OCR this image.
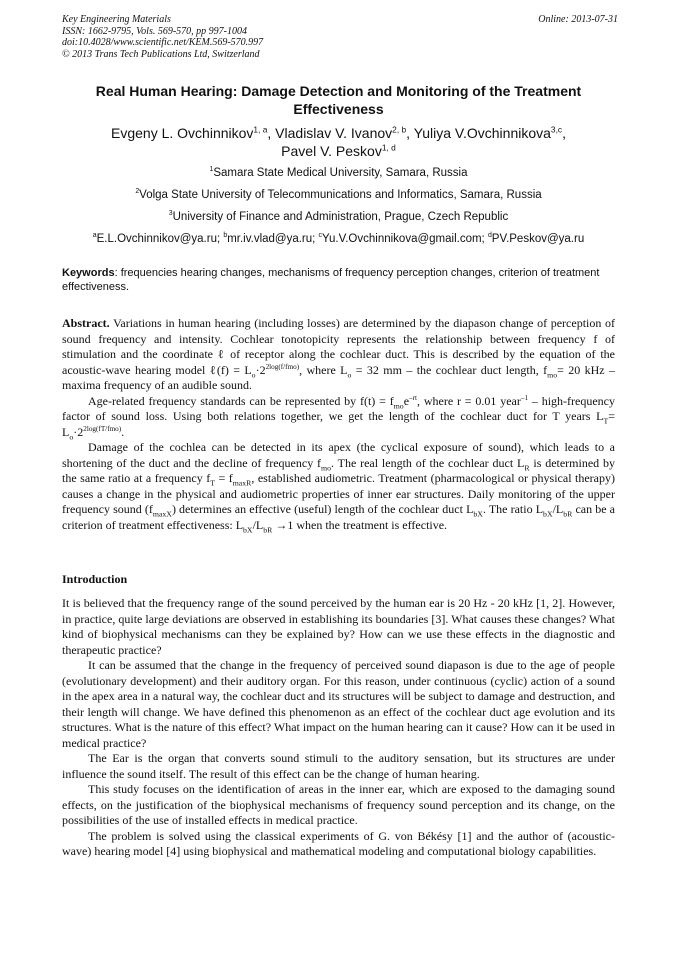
Key Engineering Materials
ISSN: 1662-9795, Vols. 569-570, pp 997-1004
doi:10.4028/www.scientific.net/KEM.569-570.997
© 2013 Trans Tech Publications Ltd, Switzerland
Online: 2013-07-31
Real Human Hearing: Damage Detection and Monitoring of the Treatment Effectiveness
Evgeny L. Ovchinnikov$^{1, a}$, Vladislav V. Ivanov$^{2, b}$, Yuliya V.Ovchinnikova$^{3,c}$,
Pavel V. Peskov$^{1, d}$
$^1$Samara State Medical University, Samara, Russia
$^2$Volga State University of Telecommunications and Informatics, Samara, Russia
$^3$University of Finance and Administration, Prague, Czech Republic
$^a$E.L.Ovchinnikov@ya.ru; $^b$mr.iv.vlad@ya.ru; $^c$Yu.V.Ovchinnikova@gmail.com; $^d$PV.Peskov@ya.ru
Keywords: frequencies hearing changes, mechanisms of frequency perception changes, criterion of treatment effectiveness.

Abstract. Variations in human hearing (including losses) are determined by the diapason change of perception of sound frequency and intensity. Cochlear tonotopicity represents the relationship between frequency f of stimulation and the coordinate ℓ of receptor along the cochlear duct. This is described by the equation of the acoustic-wave hearing model ℓ(f) = $L_o\cdot 2^{2log(f/fmo)}$, where $L_o = 32$ mm – the cochlear duct length, $f_{mo}= 20$ kHz – maxima frequency of an audible sound.

Age-related frequency standards can be represented by $f(t) = f_{mo}e^{-rt}$, where r = 0.01 year$^{-1}$ – high-frequency factor of sound loss. Using both relations together, we get the length of the cochlear duct for T years $L_T= L_o\cdot 2^{2log(fT/fmo)}$.

Damage of the cochlea can be detected in its apex (the cyclical exposure of sound), which leads to a shortening of the duct and the decline of frequency $f_{mo}$. The real length of the cochlear duct $L_R$ is determined by the same ratio at a frequency $f_T = f_{maxR}$, established audiometric. Treatment (pharmacological or physical therapy) causes a change in the physical and audiometric properties of inner ear structures. Daily monitoring of the upper frequency sound $(f_{maxX})$ determines an effective (useful) length of the cochlear duct $L_{bX}$. The ratio $L_{bX}/L_{bR}$ can be a criterion of treatment effectiveness: $L_{bX}/L_{bR} \to 1$ when the treatment is effective.

Introduction

It is believed that the frequency range of the sound perceived by the human ear is 20 Hz - 20 kHz [1, 2]. However, in practice, quite large deviations are observed in establishing its boundaries [3]. What causes these changes? What kind of biophysical mechanisms can they be explained by? How can we use these effects in the diagnostic and therapeutic practice?

It can be assumed that the change in the frequency of perceived sound diapason is due to the age of people (evolutionary development) and their auditory organ. For this reason, under continuous (cyclic) action of a sound in the apex area in a natural way, the cochlear duct and its structures will be subject to damage and destruction, and their length will change. We have defined this phenomenon as an effect of the cochlear duct age evolution and its structures. What is the nature of this effect? What impact on the human hearing can it cause? How can it be used in medical practice?

The Ear is the organ that converts sound stimuli to the auditory sensation, but its structures are under influence the sound itself. The result of this effect can be the change of human hearing.

This study focuses on the identification of areas in the inner ear, which are exposed to the damaging sound effects, on the justification of the biophysical mechanisms of frequency sound perception and its change, on the possibilities of the use of installed effects in medical practice.

The problem is solved using the classical experiments of G. von Békésy [1] and the author of (acoustic-wave) hearing model [4] using biophysical and mathematical modeling and computational biology capabilities.
